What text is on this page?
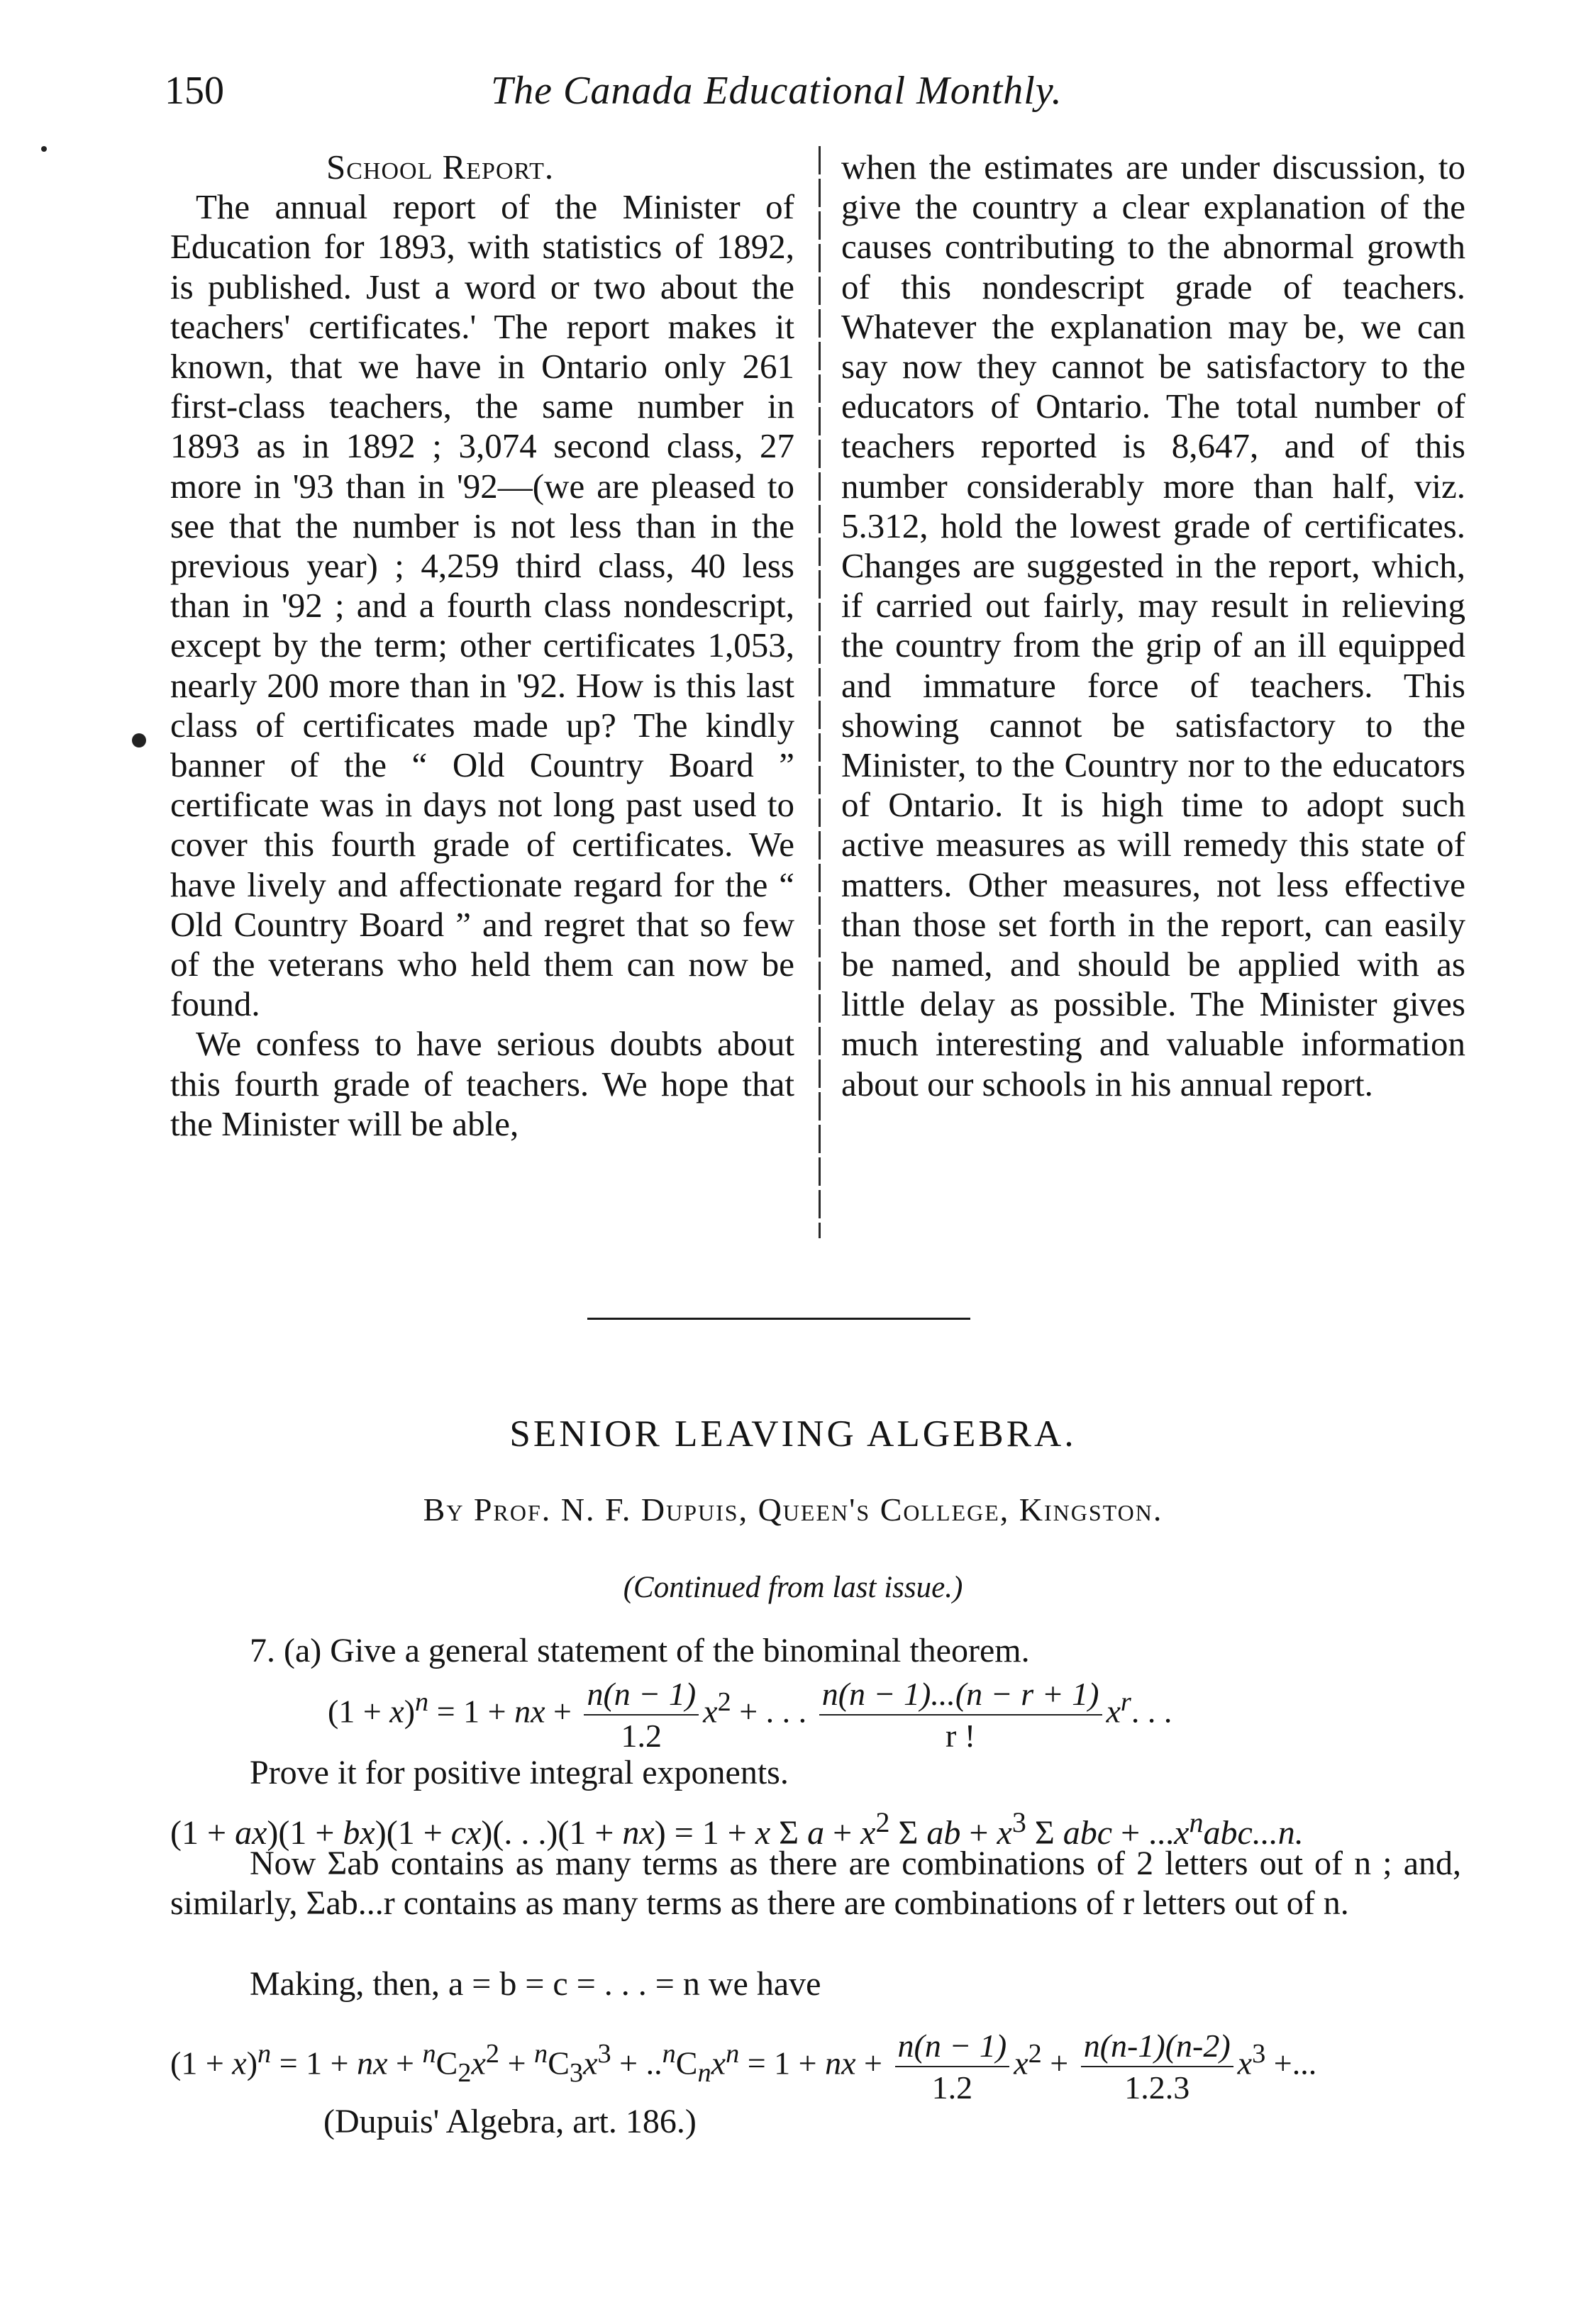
150	The Canada Educational Monthly.

School Report.

The annual report of the Minister of Education for 1893, with statistics of 1892, is published. Just a word or two about the teachers' certificates.' The report makes it known, that we have in Ontario only 261 first-class teachers, the same number in 1893 as in 1892 ; 3,074 second class, 27 more in '93 than in '92—(we are pleased to see that the number is not less than in the previous year) ; 4,259 third class, 40 less than in '92 ; and a fourth class nondescript, except by the term; other certificates 1,053, nearly 200 more than in '92. How is this last class of certificates made up? The kindly banner of the “ Old Country Board ” certificate was in days not long past used to cover this fourth grade of certificates. We have lively and affectionate regard for the “ Old Country Board ” and regret that so few of the veterans who held them can now be found.

We confess to have serious doubts about this fourth grade of teachers. We hope that the Minister will be able,

when the estimates are under discussion, to give the country a clear explanation of the causes contributing to the abnormal growth of this nondescript grade of teachers. Whatever the explanation may be, we can say now they cannot be satisfactory to the educators of Ontario. The total number of teachers reported is 8,647, and of this number considerably more than half, viz. 5.312, hold the lowest grade of certificates. Changes are suggested in the report, which, if carried out fairly, may result in relieving the country from the grip of an ill equipped and immature force of teachers. This showing cannot be satisfactory to the Minister, to the Country nor to the educators of Ontario. It is high time to adopt such active measures as will remedy this state of matters. Other measures, not less effective than those set forth in the report, can easily be named, and should be applied with as little delay as possible. The Minister gives much interesting and valuable information about our schools in his annual report.

SENIOR LEAVING ALGEBRA.
By Prof. N. F. Dupuis, Queen's College, Kingston.
(Continued from last issue.)
7. (a) Give a general statement of the binominal theorem.
$(1 + x)^n = 1$ + nx + $\frac{n(n - 1)}{1.2} x^2$ + . . . $\frac{n(n - 1)...(n - r + 1)}{r !} x^r$. . .
Prove it for positive integral exponents.
(1 + ax)(1 + bx)(1 + cx)(. . .)(1 + nx) = 1 + x Σ $a + x^2$ Σ ab + $x^3$ Σ abc + $...x^nabc...n$.
Now Σab contains as many terms as there are combinations of 2 letters out of n ; and, similarly, Σab...r contains as many terms as there are combinations of r letters out of n.
Making, then, a = b = c = . . . = n we have
$(1 + x)^n = 1$ + nx + $^nC_2x^2 + ^nC_3x^3 + ..^nC_nx^n = 1$ + nx + $\frac{n(n - 1)}{1.2} x^2 + \frac{n(n-1)(n-2)}{1.2.3} x^3$ +...
(Dupuis' Algebra, art. 186.)
